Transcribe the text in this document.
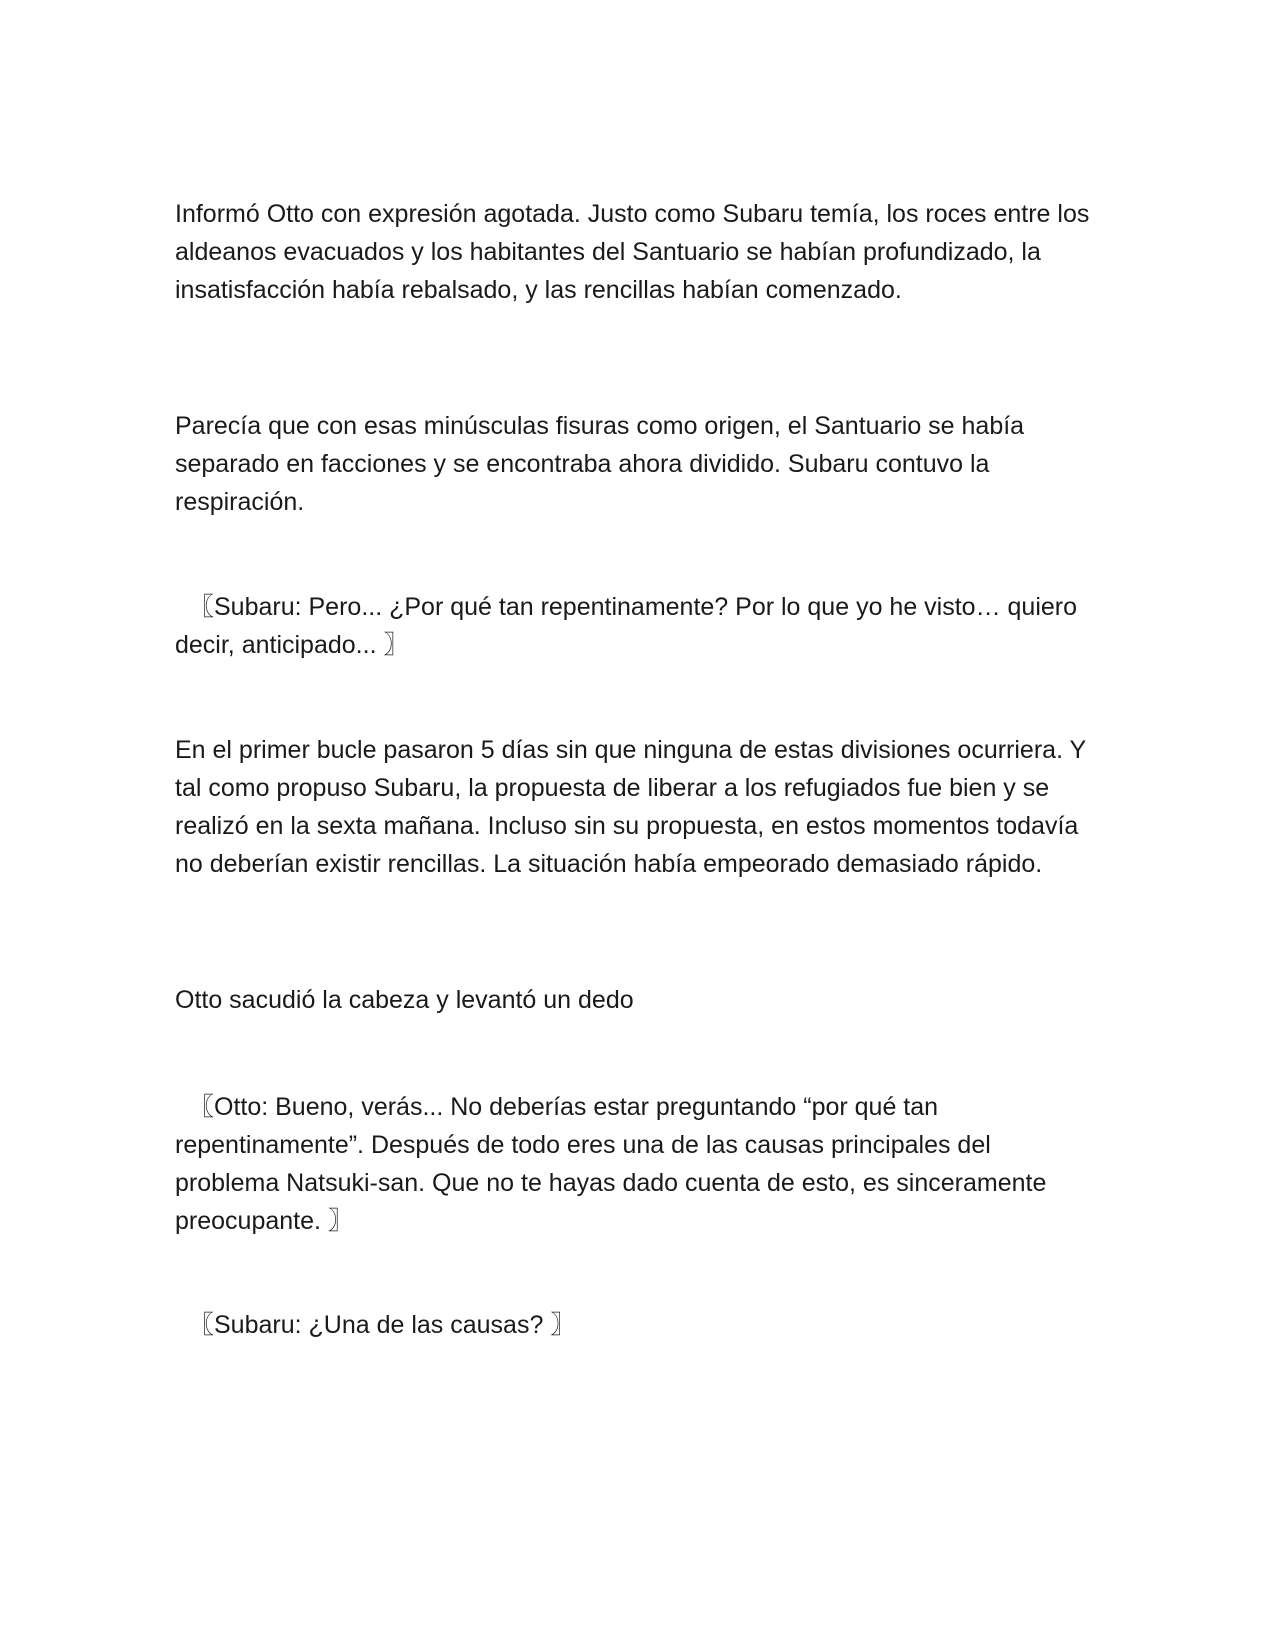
Informó Otto con expresión agotada. Justo como Subaru temía, los roces entre los aldeanos evacuados y los habitantes del Santuario se habían profundizado, la insatisfacción había rebalsado, y las rencillas habían comenzado.

Parecía que con esas minúsculas fisuras como origen, el Santuario se había separado en facciones y se encontraba ahora dividido. Subaru contuvo la respiración.

〖Subaru: Pero... ¿Por qué tan repentinamente? Por lo que yo he visto… quiero decir, anticipado... 〗

En el primer bucle pasaron 5 días sin que ninguna de estas divisiones ocurriera. Y tal como propuso Subaru, la propuesta de liberar a los refugiados fue bien y se realizó en la sexta mañana. Incluso sin su propuesta, en estos momentos todavía no deberían existir rencillas. La situación había empeorado demasiado rápido.

Otto sacudió la cabeza y levantó un dedo

〖Otto: Bueno, verás... No deberías estar preguntando “por qué tan repentinamente”. Después de todo eres una de las causas principales del problema Natsuki-san. Que no te hayas dado cuenta de esto, es sinceramente preocupante. 〗

〖Subaru: ¿Una de las causas? 〗
